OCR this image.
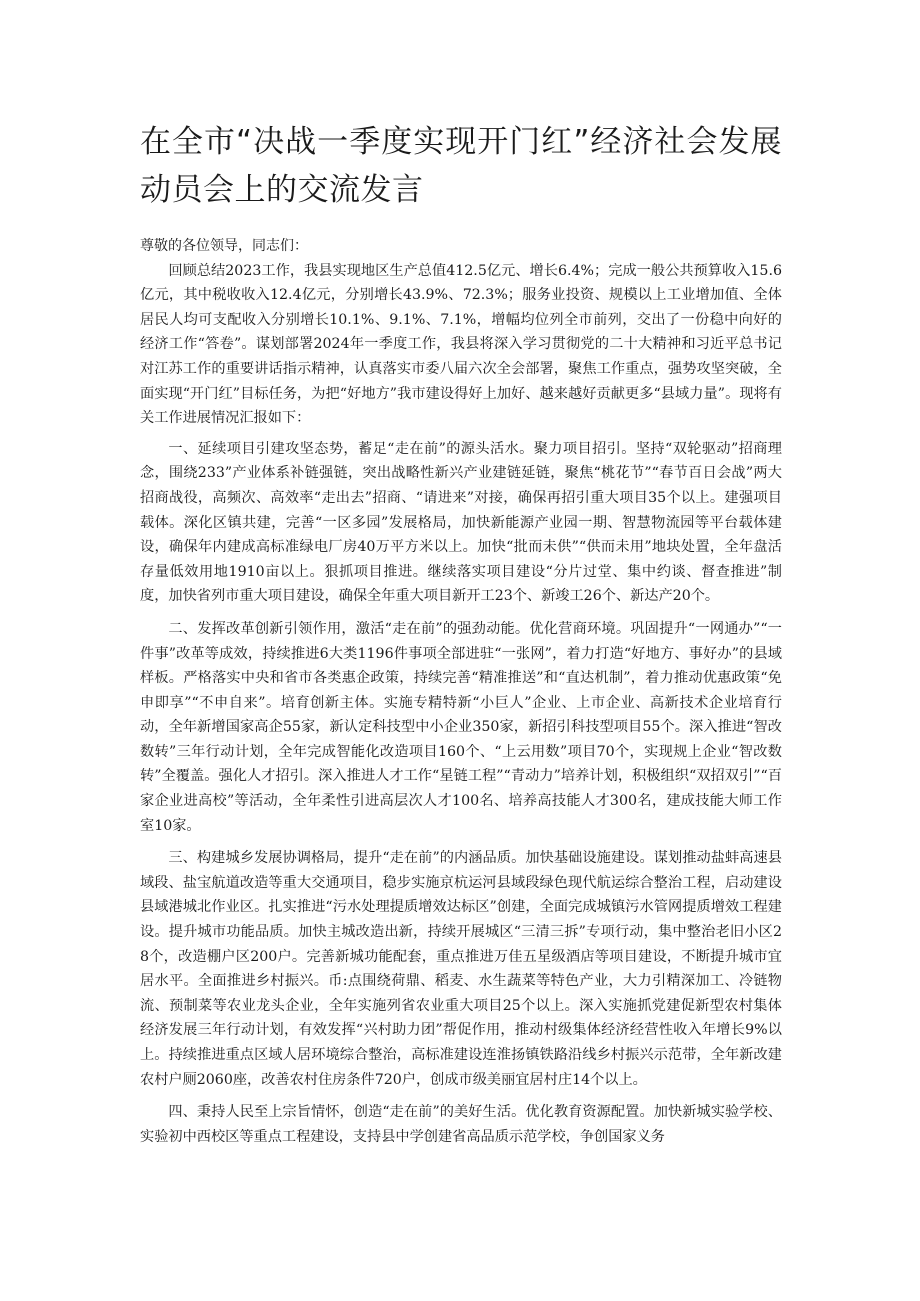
在全市“决战一季度实现开门红”经济社会发展动员会上的交流发言

尊敬的各位领导，同志们：

回顾总结2023工作，我县实现地区生产总值412.5亿元、增长6.4%；完成一般公共预算收入15.6亿元，其中税收收入12.4亿元，分别增长43.9%、72.3%；服务业投资、规模以上工业增加值、全体居民人均可支配收入分别增长10.1%、9.1%、7.1%，增幅均位列全市前列，交出了一份稳中向好的经济工作“答卷”。谋划部署2024年一季度工作，我县将深入学习贯彻党的二十大精神和习近平总书记对江苏工作的重要讲话指示精神，认真落实市委八届六次全会部署，聚焦工作重点，强势攻坚突破，全面实现“开门红”目标任务，为把“好地方”我市建设得好上加好、越来越好贡献更多“县域力量”。现将有关工作进展情况汇报如下：

一、延续项目引建攻坚态势，蓄足“走在前”的源头活水。聚力项目招引。坚持“双轮驱动”招商理念，围绕233”产业体系补链强链，突出战略性新兴产业建链延链，聚焦“桃花节”“春节百日会战”两大招商战役，高频次、高效率“走出去”招商、“请进来”对接，确保再招引重大项目35个以上。建强项目载体。深化区镇共建，完善“一区多园”发展格局，加快新能源产业园一期、智慧物流园等平台载体建设，确保年内建成高标准绿电厂房40万平方米以上。加快“批而未供”“供而未用”地块处置，全年盘活存量低效用地1910亩以上。狠抓项目推进。继续落实项目建设“分片过堂、集中约谈、督查推进”制度，加快省列市重大项目建设，确保全年重大项目新开工23个、新竣工26个、新达产20个。

二、发挥改革创新引领作用，激活“走在前”的强劲动能。优化营商环境。巩固提升“一网通办”“一件事”改革等成效，持续推进6大类1196件事项全部进驻“一张网”，着力打造“好地方、事好办”的县域样板。严格落实中央和省市各类惠企政策，持续完善“精准推送”和“直达机制”，着力推动优惠政策“免申即享”“不申自来”。培育创新主体。实施专精特新“小巨人”企业、上市企业、高新技术企业培育行动，全年新增国家高企55家，新认定科技型中小企业350家，新招引科技型项目55个。深入推进“智改数转”三年行动计划，全年完成智能化改造项目160个、“上云用数”项目70个，实现规上企业“智改数转”全覆盖。强化人才招引。深入推进人才工作“星链工程”“青动力”培养计划，积极组织“双招双引”“百家企业进高校”等活动，全年柔性引进高层次人才100名、培养高技能人才300名，建成技能大师工作室10家。

三、构建城乡发展协调格局，提升“走在前”的内涵品质。加快基础设施建设。谋划推动盐蚌高速县域段、盐宝航道改造等重大交通项目，稳步实施京杭运河县域段绿色现代航运综合整治工程，启动建设县域港城北作业区。扎实推进“污水处理提质增效达标区”创建，全面完成城镇污水管网提质增效工程建设。提升城市功能品质。加快主城改造出新，持续开展城区“三清三拆”专项行动，集中整治老旧小区28个，改造棚户区200户。完善新城功能配套，重点推进万佳五星级酒店等项目建设，不断提升城市宜居水平。全面推进乡村振兴。币:点围绕荷鼎、稻麦、水生蔬菜等特色产业，大力引精深加工、冷链物流、预制菜等农业龙头企业，全年实施列省农业重大项目25个以上。深入实施抓党建促新型农村集体经济发展三年行动计划，有效发挥“兴村助力团”帮促作用，推动村级集体经济经营性收入年增长9%以上。持续推进重点区域人居环境综合整治，高标准建设连淮扬镇铁路沿线乡村振兴示范带，全年新改建农村户厕2060座，改善农村住房条件720户，创成市级美丽宜居村庄14个以上。

四、秉持人民至上宗旨情怀，创造“走在前”的美好生活。优化教育资源配置。加快新城实验学校、实验初中西校区等重点工程建设，支持县中学创建省高品质示范学校，争创国家义务
